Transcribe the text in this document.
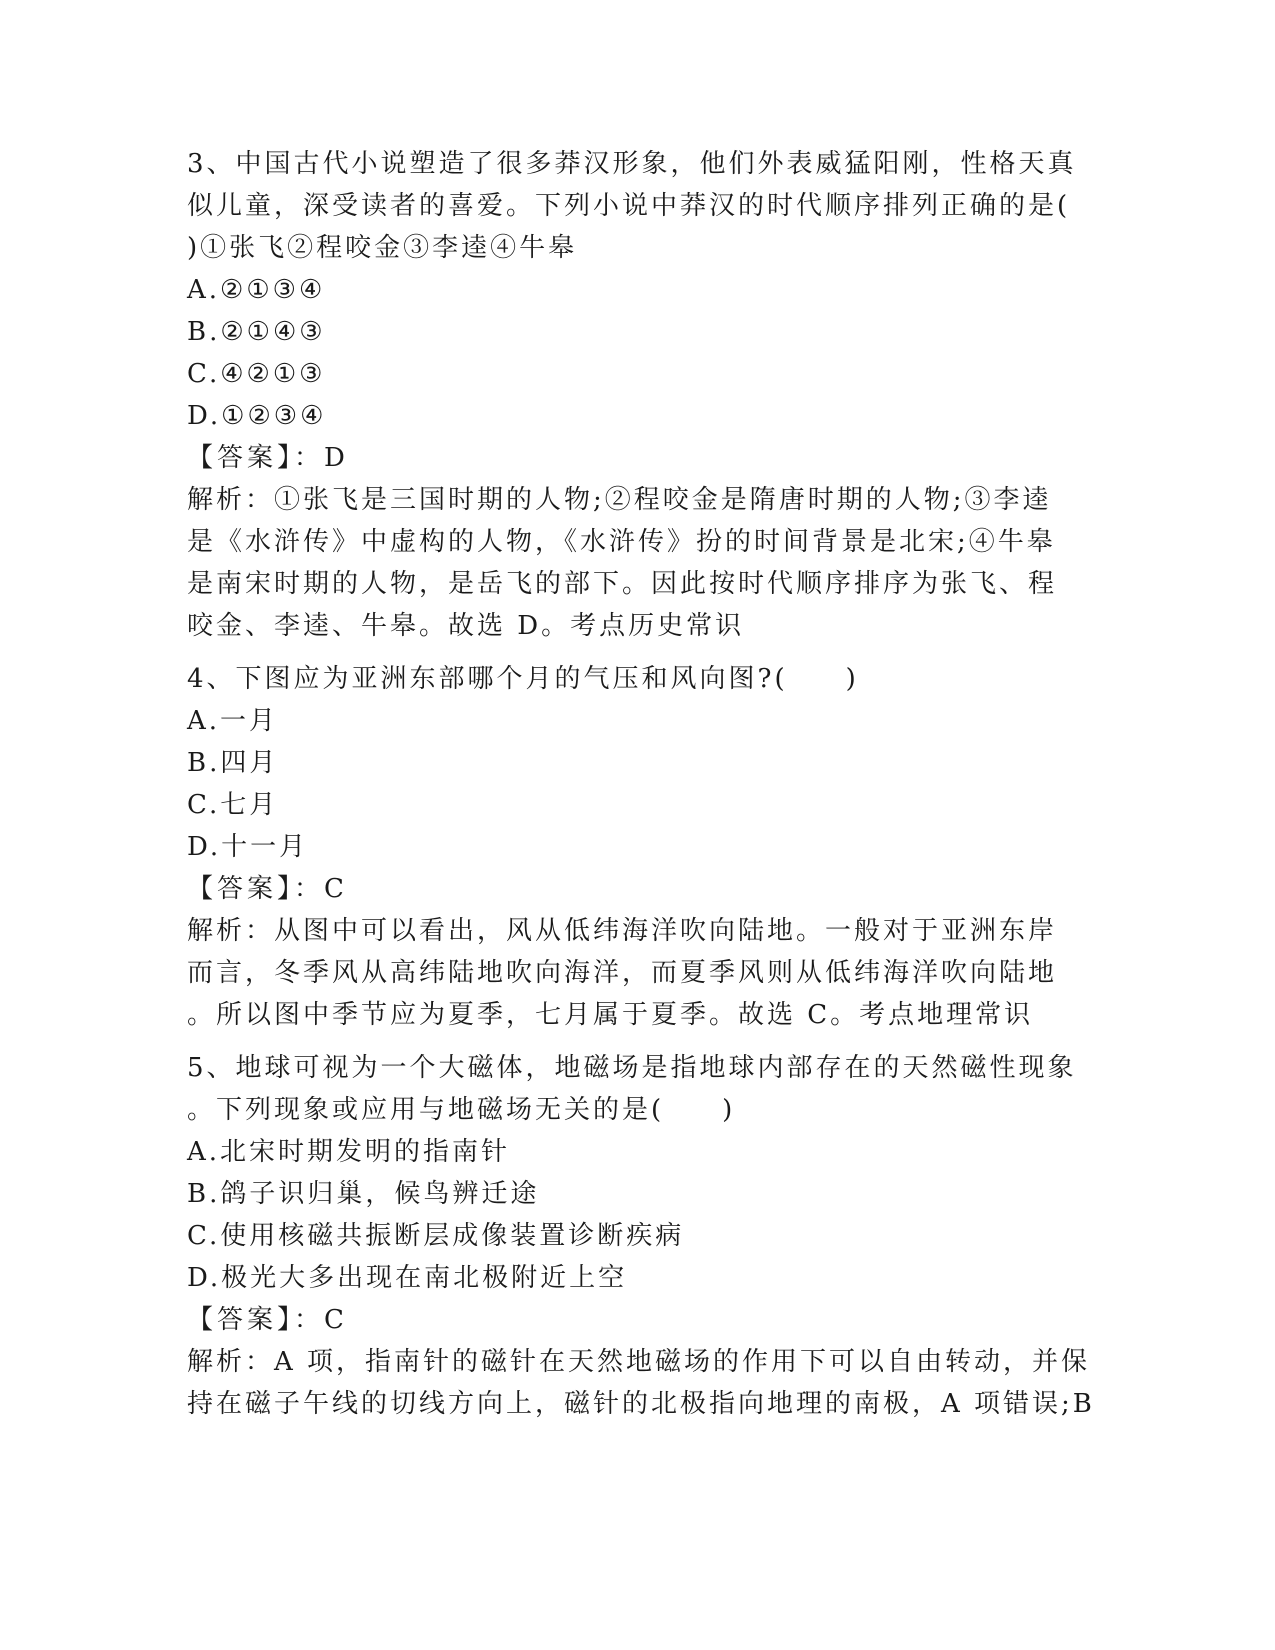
3、中国古代小说塑造了很多莽汉形象，他们外表威猛阳刚，性格天真
似儿童，深受读者的喜爱。下列小说中莽汉的时代顺序排列正确的是(
)①张飞②程咬金③李逵④牛皋
A.②①③④
B.②①④③
C.④②①③
D.①②③④
【答案】：D
解析：①张飞是三国时期的人物;②程咬金是隋唐时期的人物;③李逵
是《水浒传》中虚构的人物，《水浒传》扮的时间背景是北宋;④牛皋
是南宋时期的人物，是岳飞的部下。因此按时代顺序排序为张飞、程
咬金、李逵、牛皋。故选 D。考点历史常识
4、下图应为亚洲东部哪个月的气压和风向图?(　　)
A.一月
B.四月
C.七月
D.十一月
【答案】：C
解析：从图中可以看出，风从低纬海洋吹向陆地。一般对于亚洲东岸
而言，冬季风从高纬陆地吹向海洋，而夏季风则从低纬海洋吹向陆地
。所以图中季节应为夏季，七月属于夏季。故选 C。考点地理常识
5、地球可视为一个大磁体，地磁场是指地球内部存在的天然磁性现象
。下列现象或应用与地磁场无关的是(　　)
A.北宋时期发明的指南针
B.鸽子识归巢，候鸟辨迁途
C.使用核磁共振断层成像装置诊断疾病
D.极光大多出现在南北极附近上空
【答案】：C
解析：A 项，指南针的磁针在天然地磁场的作用下可以自由转动，并保
持在磁子午线的切线方向上，磁针的北极指向地理的南极，A 项错误;B
